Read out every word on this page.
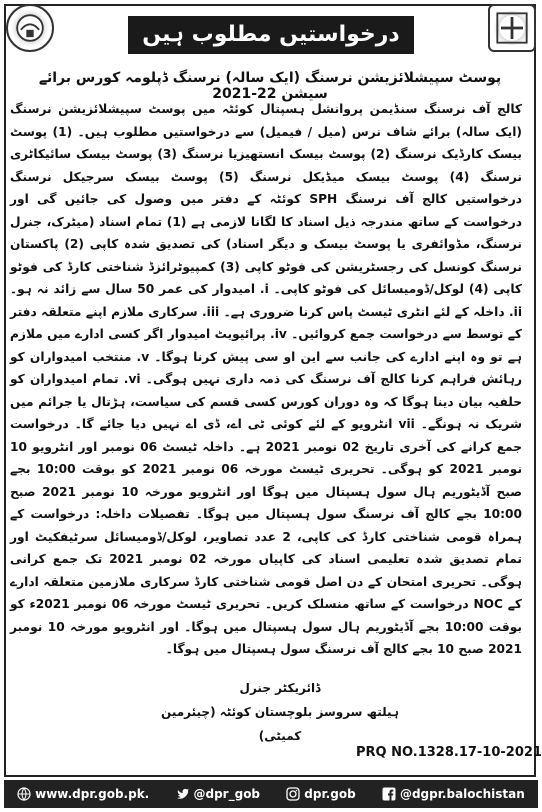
درخواستیں مطلوب ہیں
پوسٹ سپیشلائزیشن نرسنگ (ایک سالہ) نرسنگ ڈپلومہ کورس برائے سیشن 22-2021

کالج آف نرسنگ سنڈیمن پروانشل ہسپتال کوئٹہ میں پوسٹ سپیشلائزیشن نرسنگ (ایک سالہ) برائے شاف نرس (میل / فیمیل) سے درخواستیں مطلوب ہیں۔ (1) پوسٹ بیسک کارڈیک نرسنگ (2) پوسٹ بیسک انستھیزیا نرسنگ (3) پوسٹ بیسک سائیکاٹری نرسنگ (4) پوسٹ بیسک میڈیکل نرسنگ (5) پوسٹ بیسک سرجیکل نرسنگ درخواستیں کالج آف نرسنگ SPH کوئٹہ کے دفتر میں وصول کی جائیں گی اور درخواست کے ساتھ مندرجہ ذیل اسناد کا لگانا لازمی ہے (1) تمام اسناد (میٹرک، جنرل نرسنگ، مڈوائفری یا پوسٹ بیسک و دیگر اسناد) کی تصدیق شدہ کاپی (2) پاکستان نرسنگ کونسل کی رجسٹریشن کی فوٹو کاپی (3) کمپیوٹرائزڈ شناختی کارڈ کی فوٹو کاپی (4) لوکل/ڈومیسائل کی فوٹو کاپی۔ i. امیدوار کی عمر 50 سال سے زائد نہ ہو۔ ii. داخلہ کے لئے انٹری ٹیسٹ پاس کرنا ضروری ہے۔ iii. سرکاری ملازم اپنے متعلقہ دفتر کے توسط سے درخواست جمع کروائیں۔ iv. پرائیویٹ امیدوار اگر کسی ادارے میں ملازم ہے تو وہ اپنے ادارے کی جانب سے این او سی پیش کرنا ہوگا۔ v. منتخب امیدواران کو رہائش فراہم کرنا کالج آف نرسنگ کی ذمہ داری نہیں ہوگی۔ vi. تمام امیدواران کو حلفیہ بیان دینا ہوگا کہ وہ دوران کورس کسی قسم کی سیاست، ہڑتال یا جرائم میں شریک نہ ہونگے۔ vii انٹرویو کے لئے کوئی ٹی اے، ڈی اے نہیں دیا جائے گا۔ درخواست جمع کرانے کی آخری تاریخ 02 نومبر 2021 ہے۔ داخلہ ٹیسٹ 06 نومبر اور انٹرویو 10 نومبر 2021 کو ہوگی۔ تحریری ٹیسٹ مورخہ 06 نومبر 2021 کو بوقت 10:00 بجے صبح آڈیٹوریم ہال سول ہسپتال میں ہوگا اور انٹرویو مورخہ 10 نومبر 2021 صبح 10:00 بجے کالج آف نرسنگ سول ہسپتال میں ہوگا۔ تفصیلات داخلہ: درخواست کے ہمراہ قومی شناختی کارڈ کی کاپی، 2 عدد تصاویر، لوکل/ڈومیسائل سرٹیفکیٹ اور تمام تصدیق شدہ تعلیمی اسناد کی کاپیاں مورخہ 02 نومبر 2021 تک جمع کرانی ہوگی۔ تحریری امتحان کے دن اصل قومی شناختی کارڈ سرکاری ملازمین متعلقہ ادارے کے NOC درخواست کے ساتھ منسلک کریں۔ تحریری ٹیسٹ مورخہ 06 نومبر 2021ء کو بوقت 10:00 بجے آڈیٹوریم ہال سول ہسپتال میں ہوگا۔ اور انٹرویو مورخہ 10 نومبر 2021 صبح 10 بجے کالج آف نرسنگ سول ہسپتال میں ہوگا۔

ڈائریکٹر جنرل
ہیلتھ سروسز بلوچستان کوئٹہ (چیئرمین کمیٹی)
PRQ NO.1328.17-10-2021
www.dpr.gob.pk.	@dpr_gob	dpr.gob	@dgpr.balochistan
